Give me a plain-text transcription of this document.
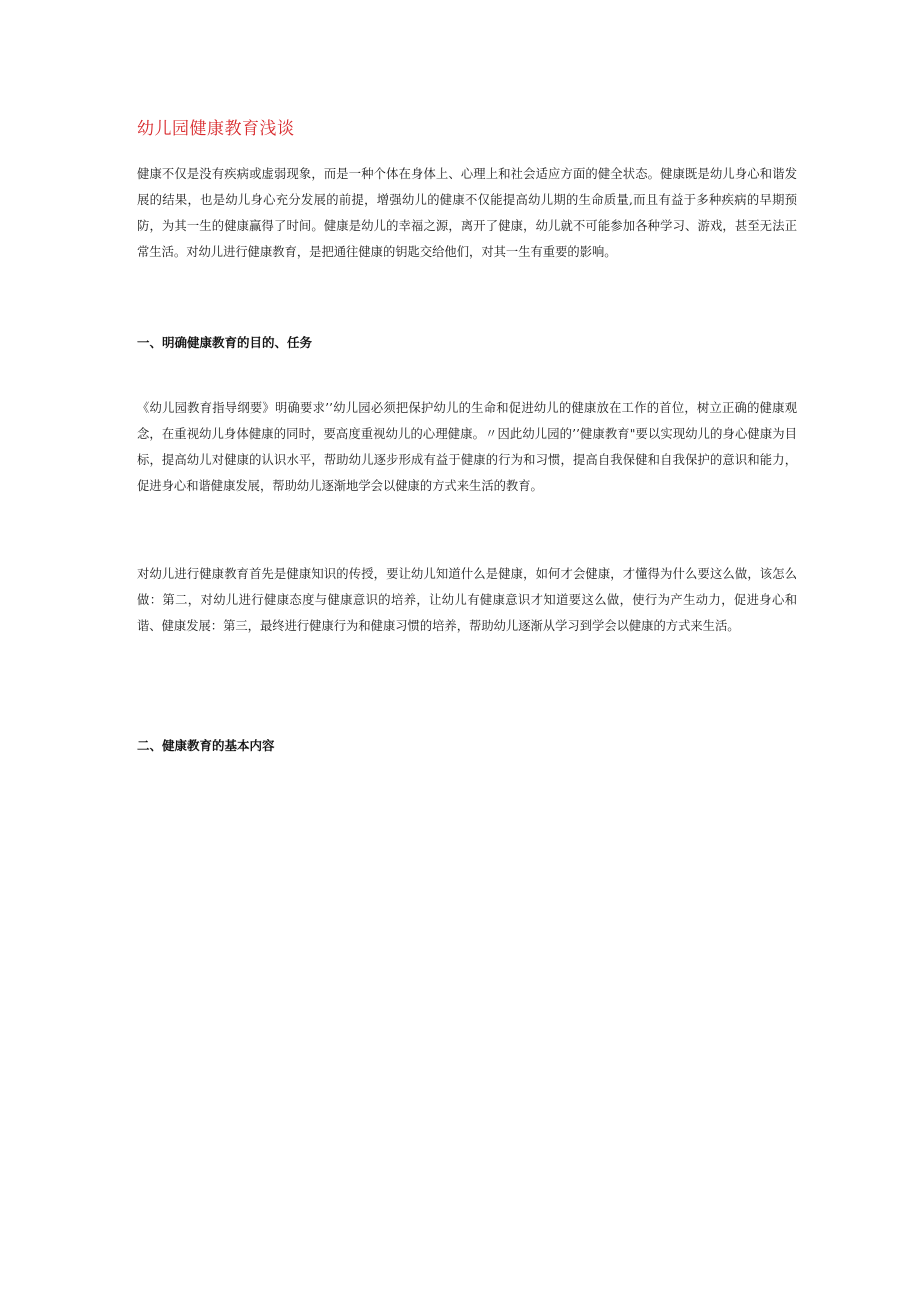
幼儿园健康教育浅谈

健康不仅是没有疾病或虚弱现象，而是一种个体在身体上、心理上和社会适应方面的健全状态。健康既是幼儿身心和谐发展的结果，也是幼儿身心充分发展的前提，增强幼儿的健康不仅能提高幼儿期的生命质量,而且有益于多种疾病的早期预防，为其一生的健康赢得了时间。健康是幼儿的幸福之源，离开了健康，幼儿就不可能参加各种学习、游戏，甚至无法正常生活。对幼儿进行健康教育，是把通往健康的钥匙交给他们，对其一生有重要的影响。

一、明确健康教育的目的、任务

《幼儿园教育指导纲要》明确要求’’幼儿园必须把保护幼儿的生命和促进幼儿的健康放在工作的首位，树立正确的健康观念，在重视幼儿身体健康的同时，要高度重视幼儿的心理健康。〃因此幼儿园的’’健康教育"要以实现幼儿的身心健康为目标，提高幼儿对健康的认识水平，帮助幼儿逐步形成有益于健康的行为和习惯，提高自我保健和自我保护的意识和能力，促进身心和谐健康发展，帮助幼儿逐渐地学会以健康的方式来生活的教育。

对幼儿进行健康教育首先是健康知识的传授，要让幼儿知道什么是健康，如何才会健康，才懂得为什么要这么做，该怎么做：第二，对幼儿进行健康态度与健康意识的培养，让幼儿有健康意识才知道要这么做，使行为产生动力，促进身心和谐、健康发展：第三，最终进行健康行为和健康习惯的培养，帮助幼儿逐渐从学习到学会以健康的方式来生活。

二、健康教育的基本内容
